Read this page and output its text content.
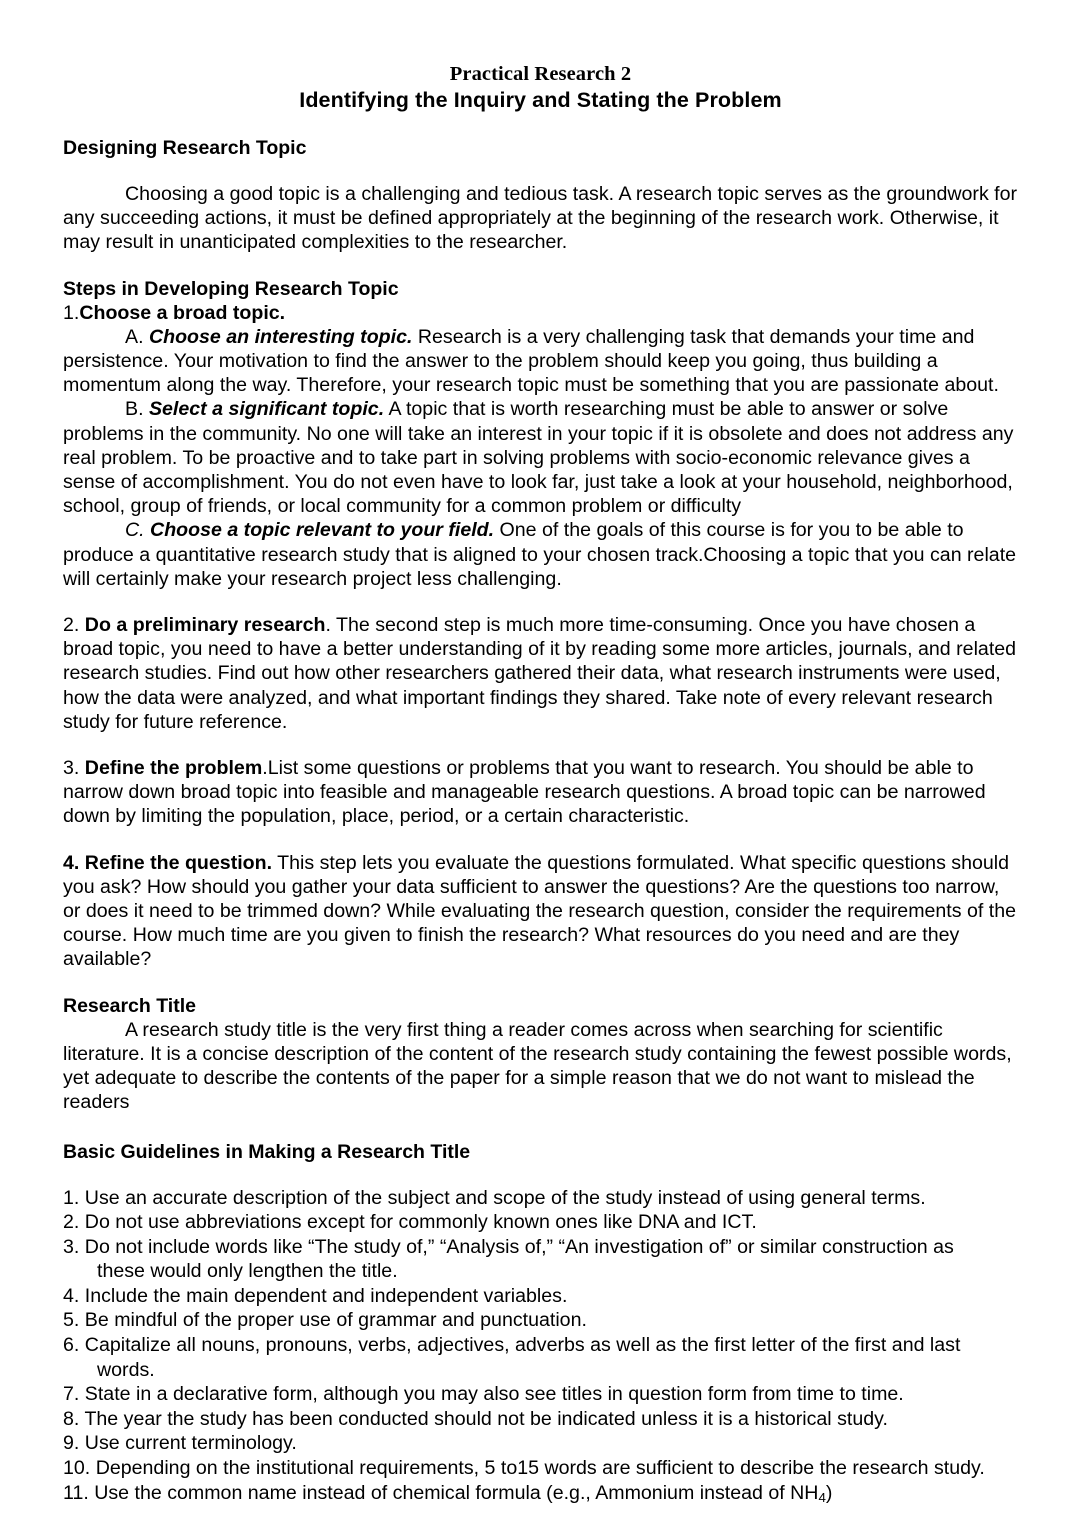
Practical Research 2
Identifying the Inquiry and Stating the Problem
Designing Research Topic

Choosing a good topic is a challenging and tedious task. A research topic serves as the groundwork for any succeeding actions, it must be defined appropriately at the beginning of the research work. Otherwise, it may result in unanticipated complexities to the researcher.

Steps in Developing Research Topic

1.Choose a broad topic.

A. Choose an interesting topic. Research is a very challenging task that demands your time and persistence. Your motivation to find the answer to the problem should keep you going, thus building a momentum along the way. Therefore, your research topic must be something that you are passionate about.

B. Select a significant topic. A topic that is worth researching must be able to answer or solve problems in the community. No one will take an interest in your topic if it is obsolete and does not address any real problem. To be proactive and to take part in solving problems with socio-economic relevance gives a sense of accomplishment. You do not even have to look far, just take a look at your household, neighborhood, school, group of friends, or local community for a common problem or difficulty

C. Choose a topic relevant to your field. One of the goals of this course is for you to be able to produce a quantitative research study that is aligned to your chosen track.Choosing a topic that you can relate will certainly make your research project less challenging.

2. Do a preliminary research. The second step is much more time-consuming. Once you have chosen a broad topic, you need to have a better understanding of it by reading some more articles, journals, and related research studies. Find out how other researchers gathered their data, what research instruments were used, how the data were analyzed, and what important findings they shared. Take note of every relevant research study for future reference.

3. Define the problem.List some questions or problems that you want to research. You should be able to narrow down broad topic into feasible and manageable research questions. A broad topic can be narrowed down by limiting the population, place, period, or a certain characteristic.

4. Refine the question. This step lets you evaluate the questions formulated. What specific questions should you ask? How should you gather your data sufficient to answer the questions? Are the questions too narrow, or does it need to be trimmed down? While evaluating the research question, consider the requirements of the course. How much time are you given to finish the research? What resources do you need and are they available?

Research Title

A research study title is the very first thing a reader comes across when searching for scientific literature. It is a concise description of the content of the research study containing the fewest possible words, yet adequate to describe the contents of the paper for a simple reason that we do not want to mislead the readers

Basic Guidelines in Making a Research Title
1. Use an accurate description of the subject and scope of the study instead of using general terms.
2. Do not use abbreviations except for commonly known ones like DNA and ICT.
3. Do not include words like “The study of,” “Analysis of,” “An investigation of” or similar construction as
these would only lengthen the title.
4. Include the main dependent and independent variables.
5. Be mindful of the proper use of grammar and punctuation.
6. Capitalize all nouns, pronouns, verbs, adjectives, adverbs as well as the first letter of the first and last
words.
7. State in a declarative form, although you may also see titles in question form from time to time.
8. The year the study has been conducted should not be indicated unless it is a historical study.
9. Use current terminology.
10. Depending on the institutional requirements, 5 to15 words are sufficient to describe the research study.
11. Use the common name instead of chemical formula (e.g., Ammonium instead of $NH_4$)
